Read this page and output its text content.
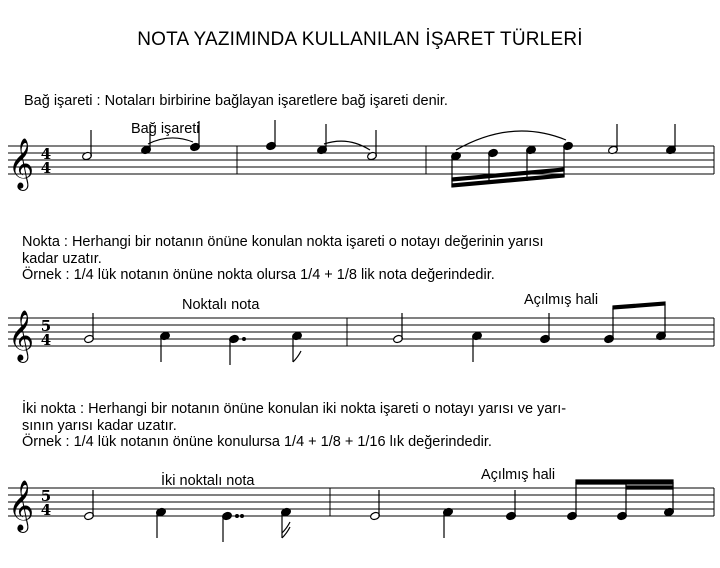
NOTA YAZIMINDA KULLANILAN İŞARET TÜRLERİ
Bağ işareti : Notaları birbirine bağlayan işaretlere bağ işareti denir.
Bağ işareti
𝄞 4
4
Nokta : Herhangi bir notanın önüne konulan nokta işareti o notayı değerinin yarısı
kadar uzatır.
Örnek : 1/4 lük notanın önüne nokta olursa 1/4 + 1/8 lik nota değerindedir.
Noktalı nota	Açılmış hali
𝄞 5
4
İki nokta : Herhangi bir notanın önüne konulan iki nokta işareti o notayı yarısı ve yarı-
sının yarısı kadar uzatır.
Örnek : 1/4 lük notanın önüne konulursa 1/4 + 1/8 + 1/16 lık değerindedir.
İki noktalı nota	Açılmış hali
𝄞 5
4
